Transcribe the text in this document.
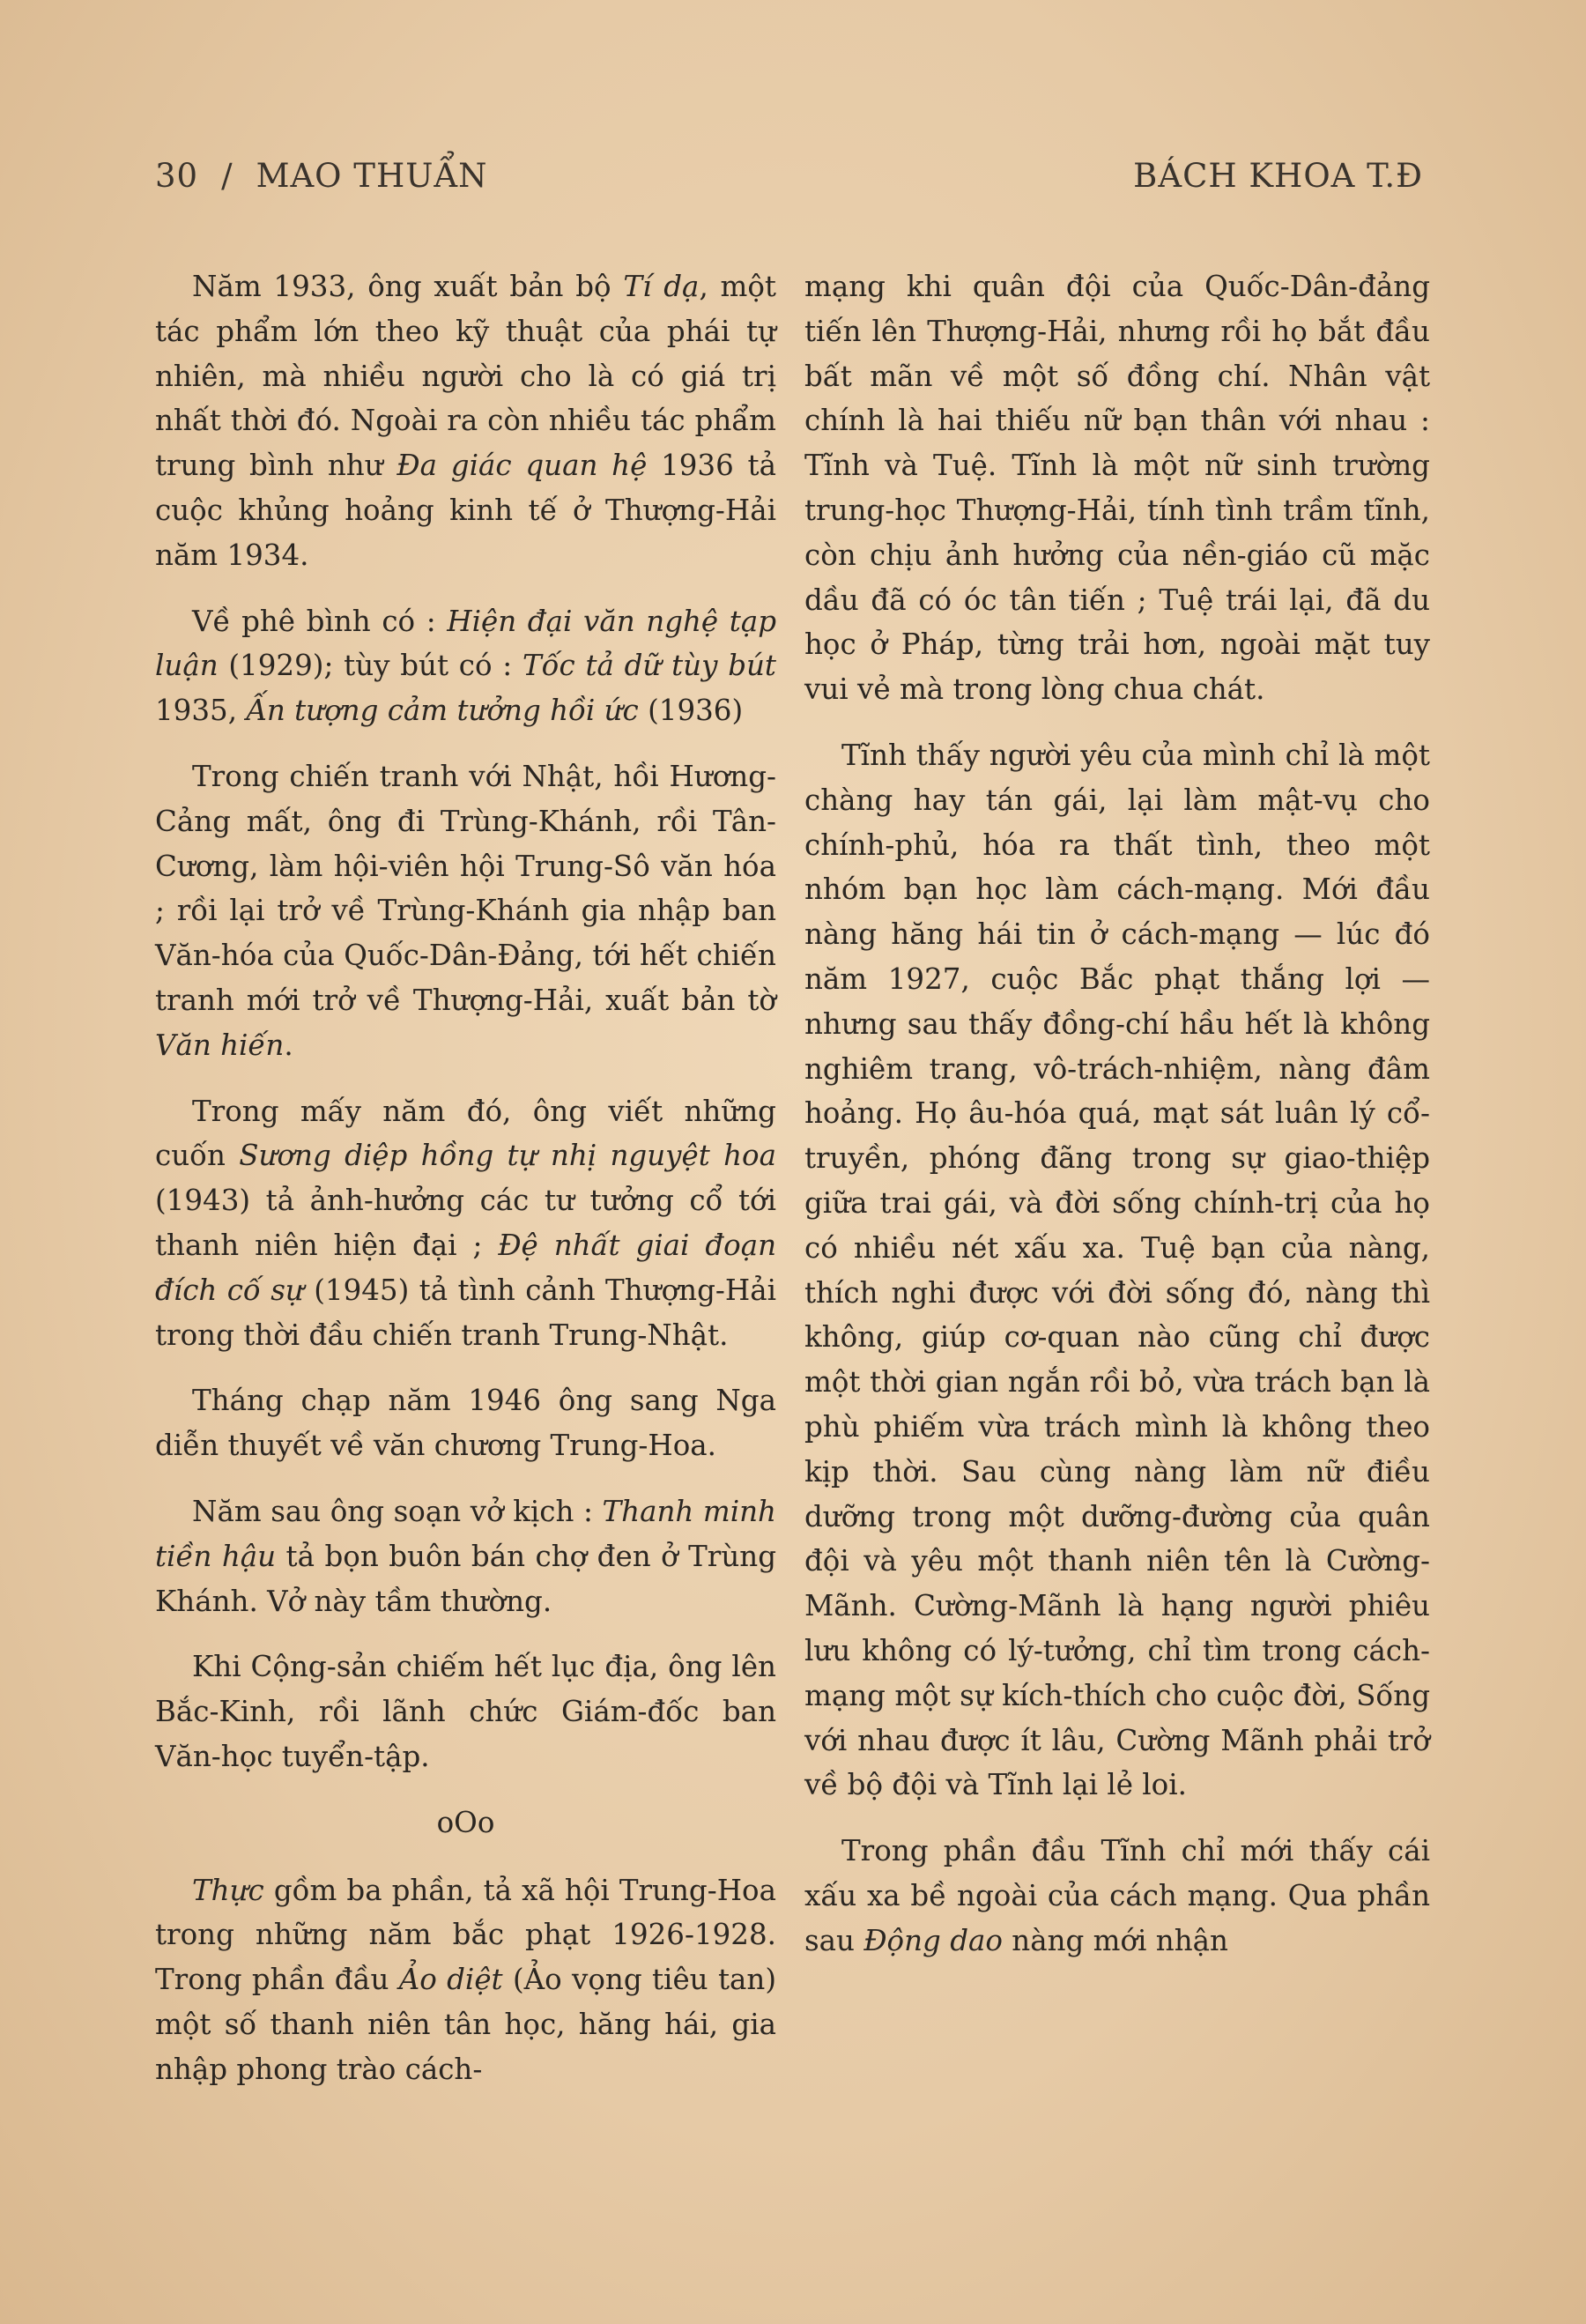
30 / MAO THUẨN	BÁCH KHOA T.Đ

Năm 1933, ông xuất bản bộ Tí dạ, một tác phẩm lớn theo kỹ thuật của phái tự nhiên, mà nhiều người cho là có giá trị nhất thời đó. Ngoài ra còn nhiều tác phẩm trung bình như Đa giác quan hệ 1936 tả cuộc khủng hoảng kinh tế ở Thượng-Hải năm 1934.

Về phê bình có : Hiện đại văn nghệ tạp luận (1929); tùy bút có : Tốc tả dữ tùy bút 1935, Ấn tượng cảm tưởng hồi ức (1936)

Trong chiến tranh với Nhật, hồi Hương-Cảng mất, ông đi Trùng-Khánh, rồi Tân-Cương, làm hội-viên hội Trung-Sô văn hóa ; rồi lại trở về Trùng-Khánh gia nhập ban Văn-hóa của Quốc-Dân-Đảng, tới hết chiến tranh mới trở về Thượng-Hải, xuất bản tờ Văn hiến.

Trong mấy năm đó, ông viết những cuốn Sương diệp hồng tự nhị nguyệt hoa (1943) tả ảnh-hưởng các tư tưởng cổ tới thanh niên hiện đại ; Đệ nhất giai đoạn đích cố sự (1945) tả tình cảnh Thượng-Hải trong thời đầu chiến tranh Trung-Nhật.

Tháng chạp năm 1946 ông sang Nga diễn thuyết về văn chương Trung-Hoa.

Năm sau ông soạn vở kịch : Thanh minh tiền hậu tả bọn buôn bán chợ đen ở Trùng Khánh. Vở này tầm thường.

Khi Cộng-sản chiếm hết lục địa, ông lên Bắc-Kinh, rồi lãnh chức Giám-đốc ban Văn-học tuyển-tập.

oOo

Thực gồm ba phần, tả xã hội Trung-Hoa trong những năm bắc phạt 1926-1928. Trong phần đầu Ảo diệt (Ảo vọng tiêu tan) một số thanh niên tân học, hăng hái, gia nhập phong trào cách-

mạng khi quân đội của Quốc-Dân-đảng tiến lên Thượng-Hải, nhưng rồi họ bắt đầu bất mãn về một số đồng chí. Nhân vật chính là hai thiếu nữ bạn thân với nhau : Tĩnh và Tuệ. Tĩnh là một nữ sinh trường trung-học Thượng-Hải, tính tình trầm tĩnh, còn chịu ảnh hưởng của nền-giáo cũ mặc dầu đã có óc tân tiến ; Tuệ trái lại, đã du học ở Pháp, từng trải hơn, ngoài mặt tuy vui vẻ mà trong lòng chua chát.

Tĩnh thấy người yêu của mình chỉ là một chàng hay tán gái, lại làm mật-vụ cho chính-phủ, hóa ra thất tình, theo một nhóm bạn học làm cách-mạng. Mới đầu nàng hăng hái tin ở cách-mạng — lúc đó năm 1927, cuộc Bắc phạt thắng lợi — nhưng sau thấy đồng-chí hầu hết là không nghiêm trang, vô-trách-nhiệm, nàng đâm hoảng. Họ âu-hóa quá, mạt sát luân lý cổ-truyền, phóng đãng trong sự giao-thiệp giữa trai gái, và đời sống chính-trị của họ có nhiều nét xấu xa. Tuệ bạn của nàng, thích nghi được với đời sống đó, nàng thì không, giúp cơ-quan nào cũng chỉ được một thời gian ngắn rồi bỏ, vừa trách bạn là phù phiếm vừa trách mình là không theo kịp thời. Sau cùng nàng làm nữ điều dưỡng trong một dưỡng-đường của quân đội và yêu một thanh niên tên là Cường-Mãnh. Cường-Mãnh là hạng người phiêu lưu không có lý-tưởng, chỉ tìm trong cách-mạng một sự kích-thích cho cuộc đời, Sống với nhau được ít lâu, Cường Mãnh phải trở về bộ đội và Tĩnh lại lẻ loi.

Trong phần đầu Tĩnh chỉ mới thấy cái xấu xa bề ngoài của cách mạng. Qua phần sau Động dao nàng mới nhận
